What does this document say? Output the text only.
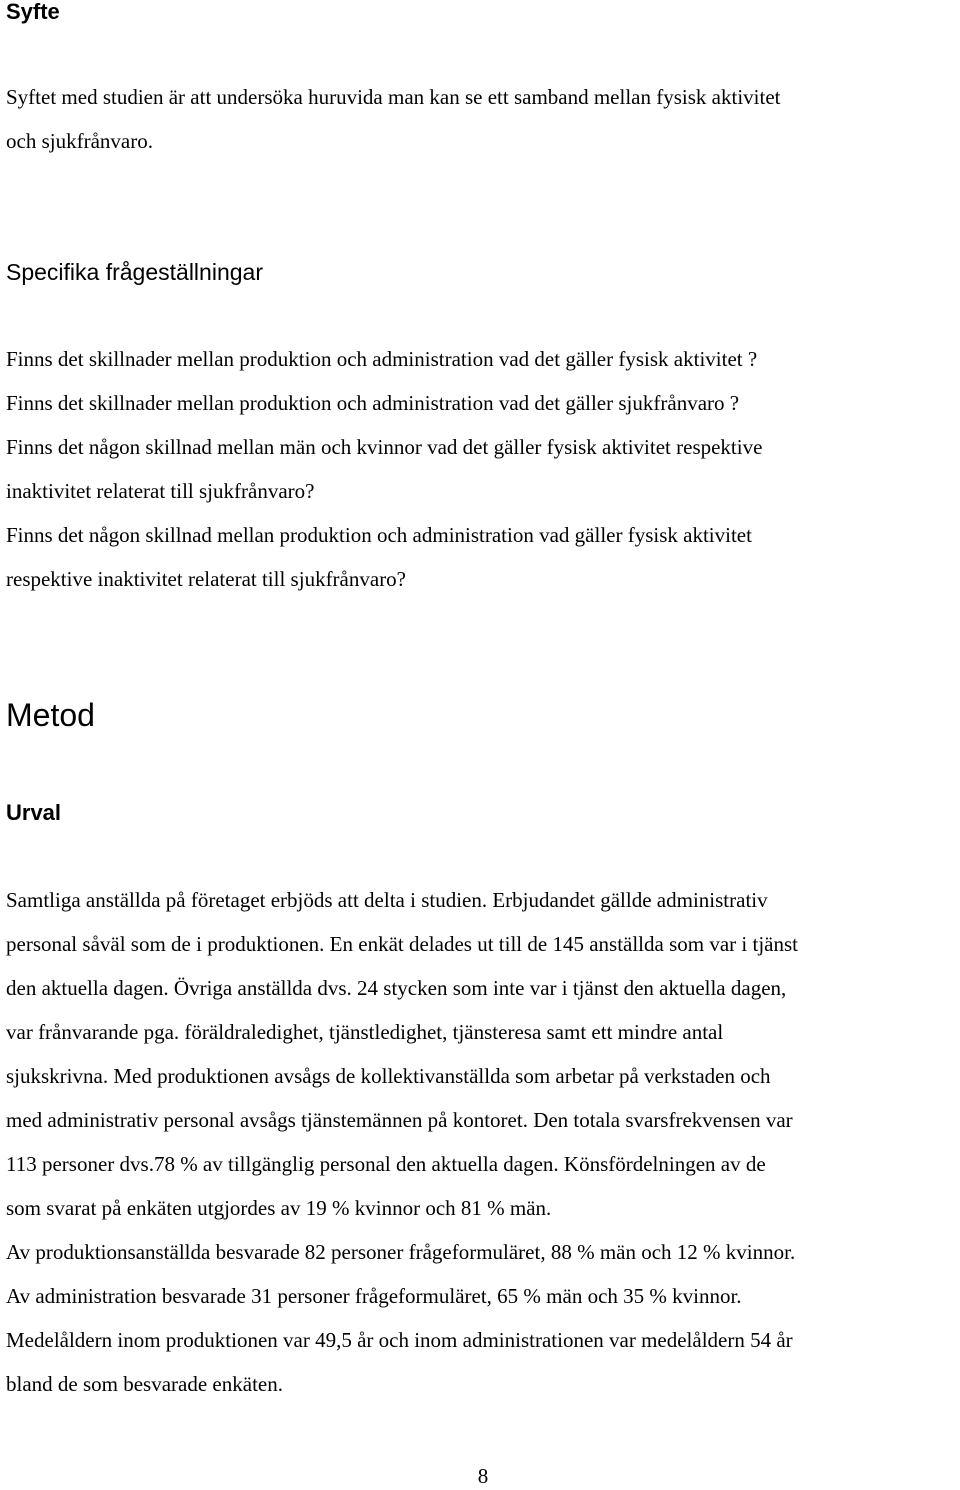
Syfte
Syftet med studien är att undersöka huruvida man kan se ett samband mellan fysisk aktivitet
och sjukfrånvaro.
Specifika frågeställningar
Finns det skillnader mellan produktion och administration vad det gäller fysisk aktivitet ?
Finns det skillnader mellan produktion och administration vad det gäller sjukfrånvaro ?
Finns det någon skillnad mellan män och kvinnor vad det gäller fysisk aktivitet respektive
inaktivitet relaterat till sjukfrånvaro?
Finns det någon skillnad mellan produktion och administration vad gäller fysisk aktivitet
respektive inaktivitet relaterat till sjukfrånvaro?
Metod
Urval
Samtliga anställda på företaget erbjöds att delta i studien. Erbjudandet gällde administrativ
personal såväl som de i produktionen. En enkät delades ut till de 145 anställda som var i tjänst
den aktuella dagen. Övriga anställda dvs. 24 stycken som inte var i tjänst den aktuella dagen,
var frånvarande pga. föräldraledighet, tjänstledighet, tjänsteresa samt ett mindre antal
sjukskrivna. Med produktionen avsågs de kollektivanställda som arbetar på verkstaden och
med administrativ personal avsågs tjänstemännen på kontoret. Den totala svarsfrekvensen var
113 personer dvs.78 % av tillgänglig personal den aktuella dagen. Könsfördelningen av de
som svarat på enkäten utgjordes av 19 % kvinnor och 81 % män.
Av produktionsanställda besvarade 82 personer frågeformuläret, 88 % män och 12 % kvinnor.
Av administration besvarade 31 personer frågeformuläret, 65 % män och 35 % kvinnor.
Medelåldern inom produktionen var 49,5 år och inom administrationen var medelåldern 54 år
bland de som besvarade enkäten.
8
